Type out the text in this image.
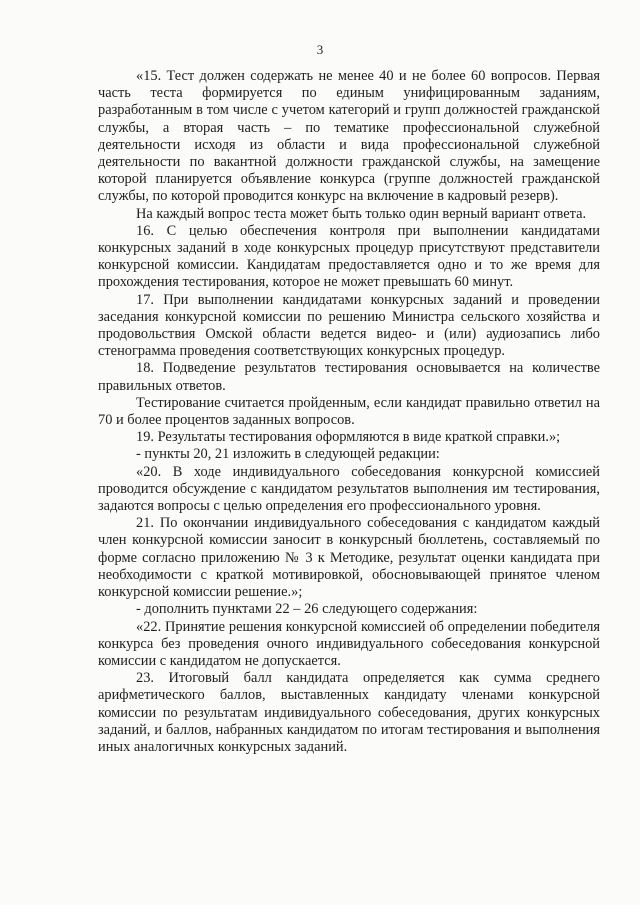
3

«15. Тест должен содержать не менее 40 и не более 60 вопросов. Первая часть теста формируется по единым унифицированным заданиям, разработанным в том числе с учетом категорий и групп должностей гражданской службы, а вторая часть – по тематике профессиональной служебной деятельности исходя из области и вида профессиональной служебной деятельности по вакантной должности гражданской службы, на замещение которой планируется объявление конкурса (группе должностей гражданской службы, по которой проводится конкурс на включение в кадровый резерв).

На каждый вопрос теста может быть только один верный вариант ответа.

16. С целью обеспечения контроля при выполнении кандидатами конкурсных заданий в ходе конкурсных процедур присутствуют представители конкурсной комиссии. Кандидатам предоставляется одно и то же время для прохождения тестирования, которое не может превышать 60 минут.

17. При выполнении кандидатами конкурсных заданий и проведении заседания конкурсной комиссии по решению Министра сельского хозяйства и продовольствия Омской области ведется видео- и (или) аудиозапись либо стенограмма проведения соответствующих конкурсных процедур.

18. Подведение результатов тестирования основывается на количестве правильных ответов.

Тестирование считается пройденным, если кандидат правильно ответил на 70 и более процентов заданных вопросов.

19. Результаты тестирования оформляются в виде краткой справки.»;

- пункты 20, 21 изложить в следующей редакции:

«20. В ходе индивидуального собеседования конкурсной комиссией проводится обсуждение с кандидатом результатов выполнения им тестирования, задаются вопросы с целью определения его профессионального уровня.

21. По окончании индивидуального собеседования с кандидатом каждый член конкурсной комиссии заносит в конкурсный бюллетень, составляемый по форме согласно приложению № 3 к Методике, результат оценки кандидата при необходимости с краткой мотивировкой, обосновывающей принятое членом конкурсной комиссии решение.»;

- дополнить пунктами 22 – 26 следующего содержания:

«22. Принятие решения конкурсной комиссией об определении победителя конкурса без проведения очного индивидуального собеседования конкурсной комиссии с кандидатом не допускается.

23. Итоговый балл кандидата определяется как сумма среднего арифметического баллов, выставленных кандидату членами конкурсной комиссии по результатам индивидуального собеседования, других конкурсных заданий, и баллов, набранных кандидатом по итогам тестирования и выполнения иных аналогичных конкурсных заданий.
